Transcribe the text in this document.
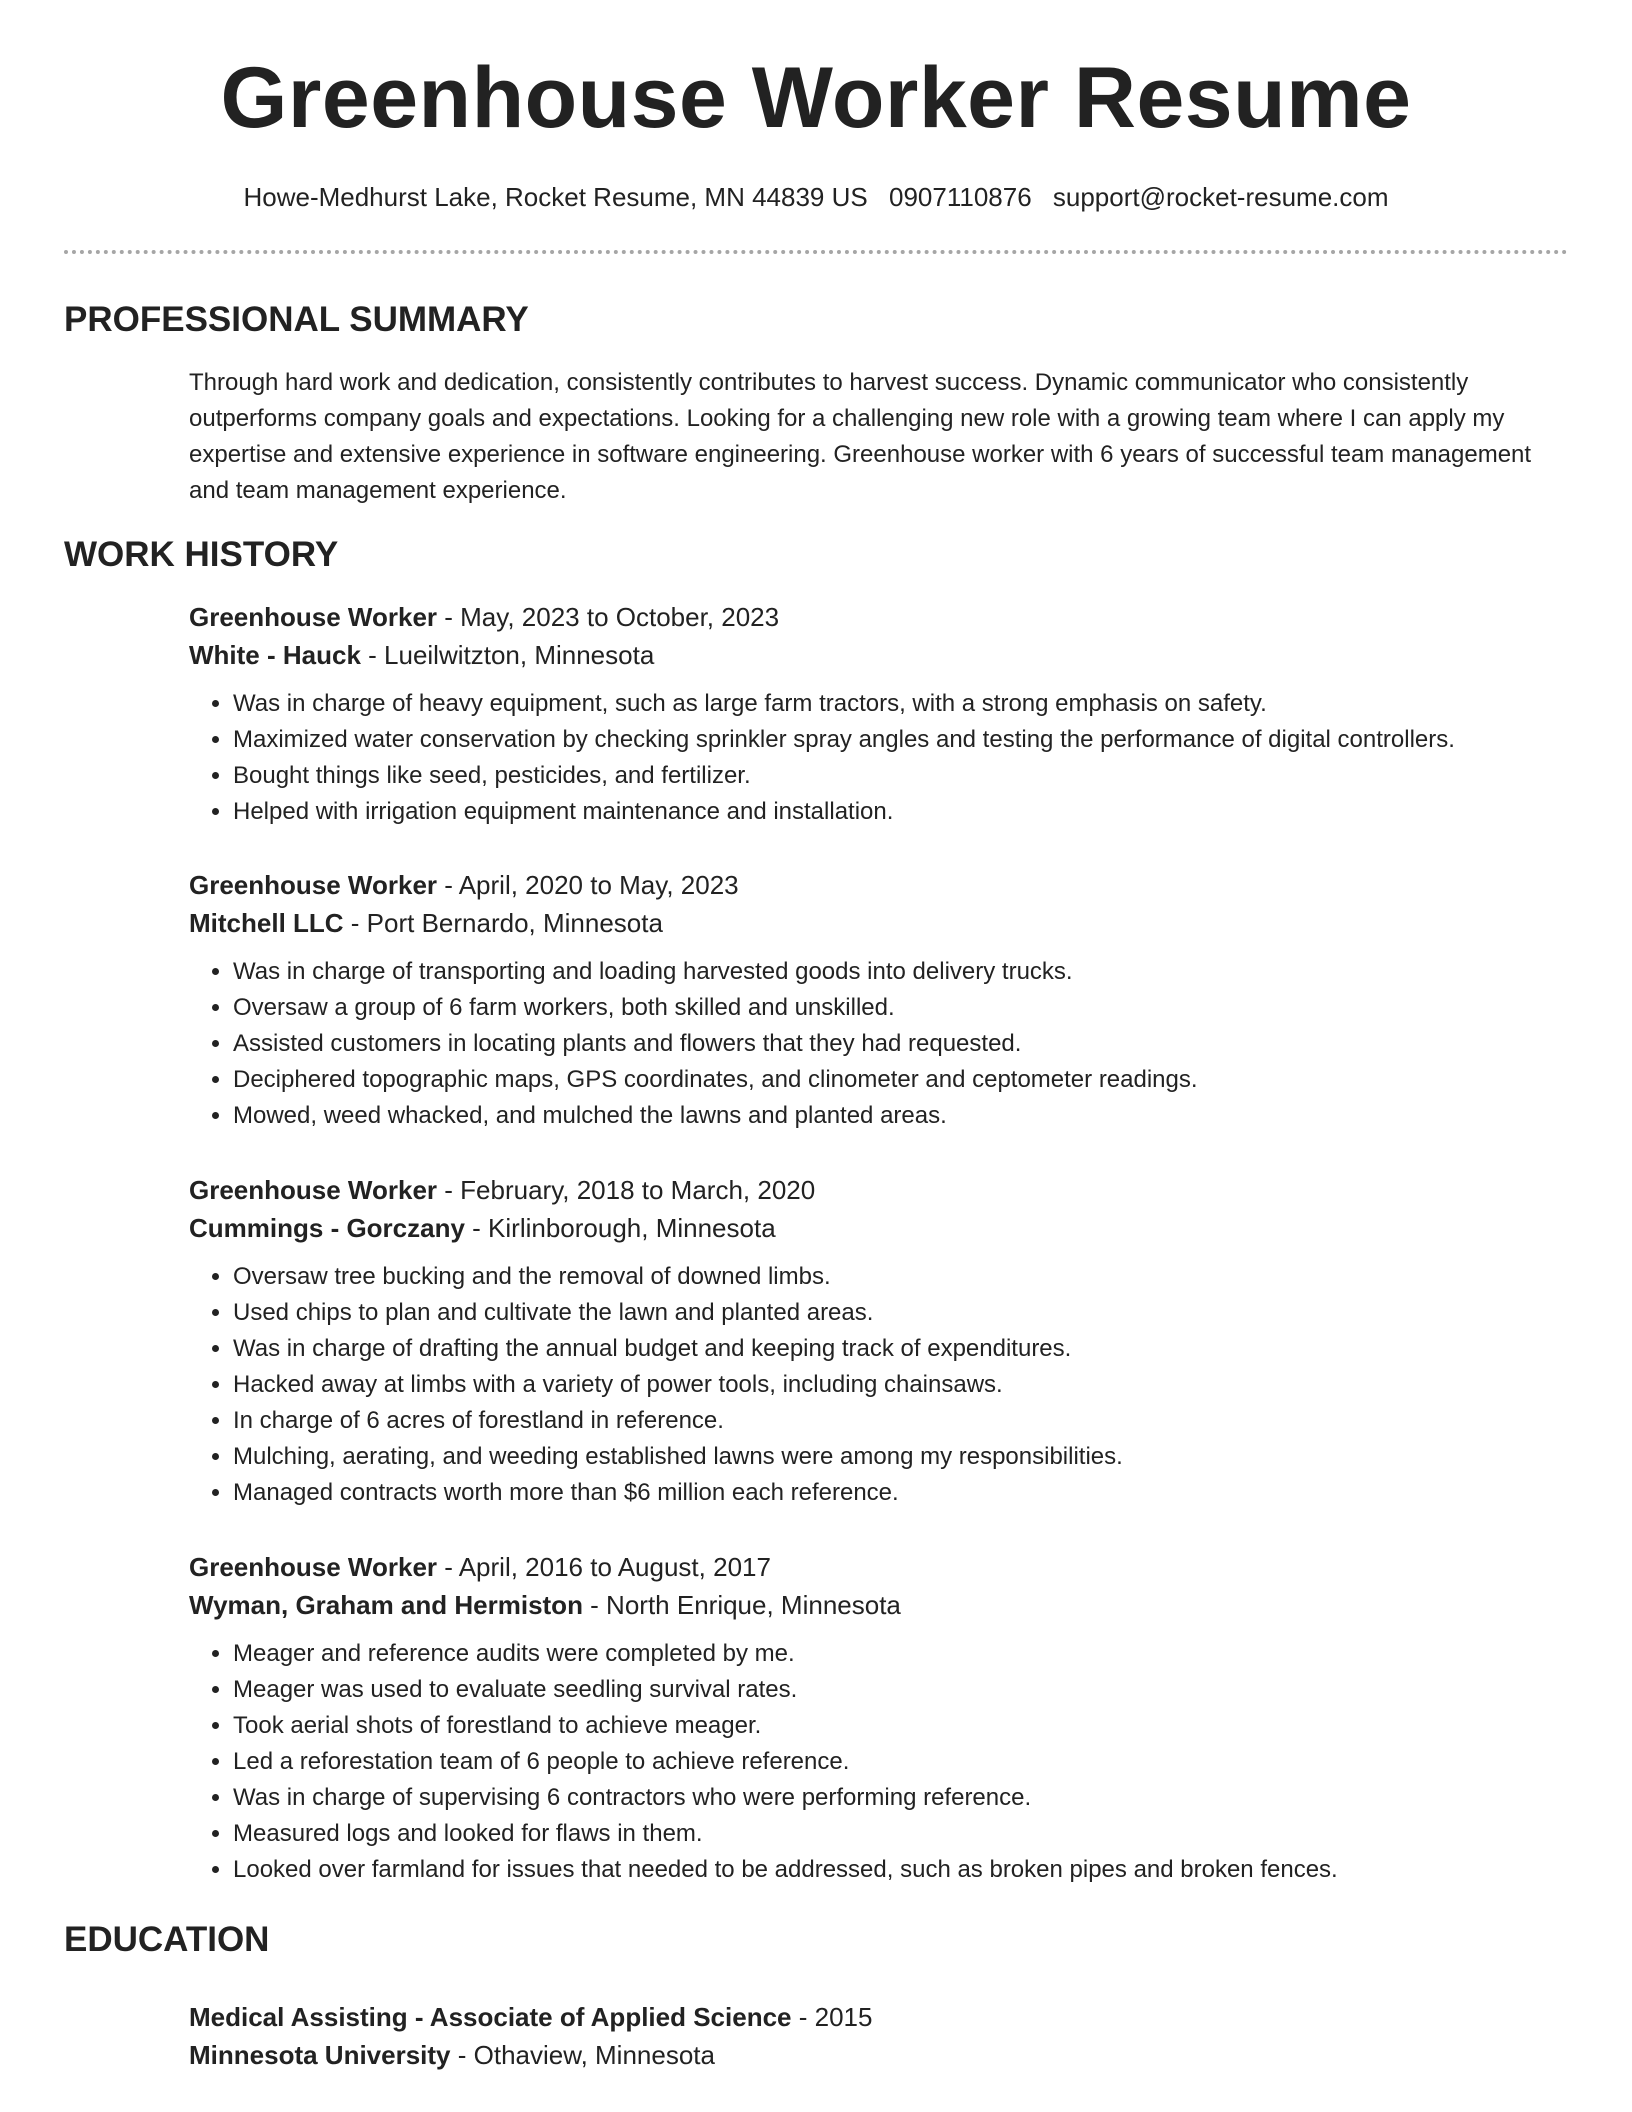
Greenhouse Worker Resume
Howe-Medhurst Lake, Rocket Resume, MN 44839 US 0907110876 support@rocket-resume.com
PROFESSIONAL SUMMARY
Through hard work and dedication, consistently contributes to harvest success. Dynamic communicator who consistently outperforms company goals and expectations. Looking for a challenging new role with a growing team where I can apply my expertise and extensive experience in software engineering. Greenhouse worker with 6 years of successful team management and team management experience.
WORK HISTORY
Greenhouse Worker - May, 2023 to October, 2023
White - Hauck - Lueilwitzton, Minnesota
• Was in charge of heavy equipment, such as large farm tractors, with a strong emphasis on safety.
• Maximized water conservation by checking sprinkler spray angles and testing the performance of digital controllers.
• Bought things like seed, pesticides, and fertilizer.
• Helped with irrigation equipment maintenance and installation.
Greenhouse Worker - April, 2020 to May, 2023
Mitchell LLC - Port Bernardo, Minnesota
• Was in charge of transporting and loading harvested goods into delivery trucks.
• Oversaw a group of 6 farm workers, both skilled and unskilled.
• Assisted customers in locating plants and flowers that they had requested.
• Deciphered topographic maps, GPS coordinates, and clinometer and ceptometer readings.
• Mowed, weed whacked, and mulched the lawns and planted areas.
Greenhouse Worker - February, 2018 to March, 2020
Cummings - Gorczany - Kirlinborough, Minnesota
• Oversaw tree bucking and the removal of downed limbs.
• Used chips to plan and cultivate the lawn and planted areas.
• Was in charge of drafting the annual budget and keeping track of expenditures.
• Hacked away at limbs with a variety of power tools, including chainsaws.
• In charge of 6 acres of forestland in reference.
• Mulching, aerating, and weeding established lawns were among my responsibilities.
• Managed contracts worth more than $6 million each reference.
Greenhouse Worker - April, 2016 to August, 2017
Wyman, Graham and Hermiston - North Enrique, Minnesota
• Meager and reference audits were completed by me.
• Meager was used to evaluate seedling survival rates.
• Took aerial shots of forestland to achieve meager.
• Led a reforestation team of 6 people to achieve reference.
• Was in charge of supervising 6 contractors who were performing reference.
• Measured logs and looked for flaws in them.
• Looked over farmland for issues that needed to be addressed, such as broken pipes and broken fences.
EDUCATION
Medical Assisting - Associate of Applied Science - 2015
Minnesota University - Othaview, Minnesota
